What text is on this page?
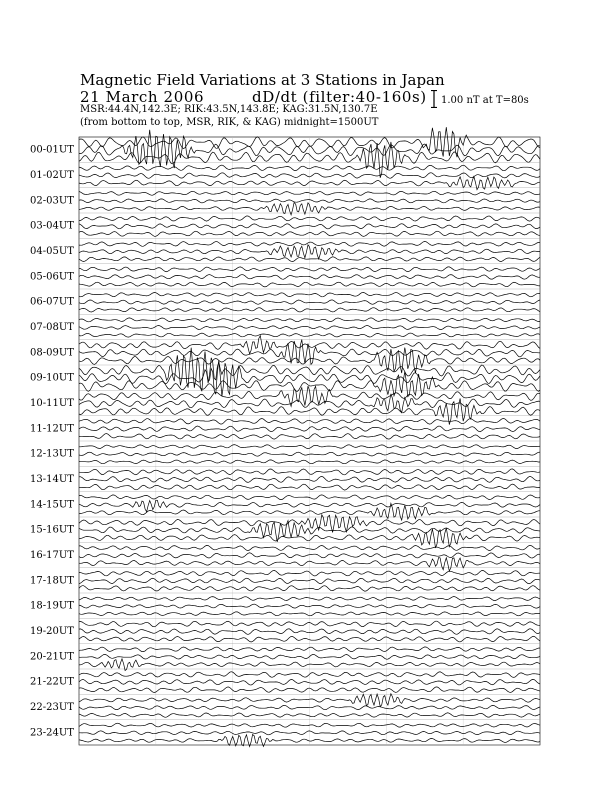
Magnetic Field Variations at 3 Stations in Japan
21 March 2006	dD/dt (filter:40-160s)
MSR:44.4N,142.3E; RIK:43.5N,143.8E; KAG:31.5N,130.7E
(from bottom to top, MSR, RIK, & KAG) midnight=1500UT
1.00 nT at T=80s
00-01UT
01-02UT
02-03UT
03-04UT
04-05UT
05-06UT
06-07UT
07-08UT
08-09UT
09-10UT
10-11UT
11-12UT
12-13UT
13-14UT
14-15UT
15-16UT
16-17UT
17-18UT
18-19UT
19-20UT
20-21UT
21-22UT
22-23UT
23-24UT
